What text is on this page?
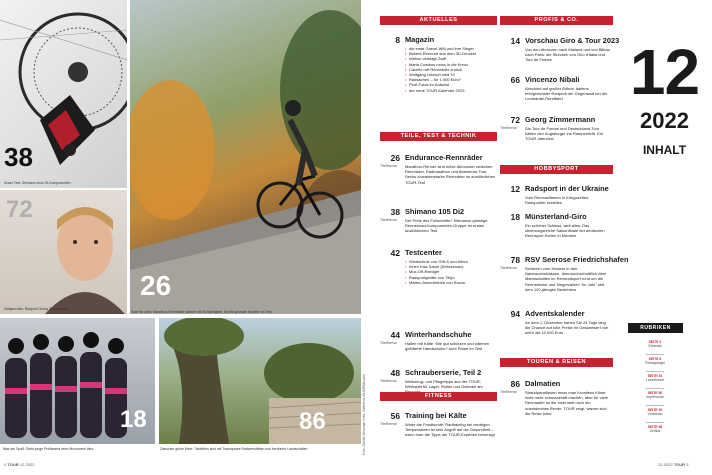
38
Unser Test: Shimano neue DI-Komponenten
72
Zeitgeschick: Radprofi Georg Zimmermann
26
Gute für alles: Marathon-Rennräder passen mit Schwerigkeit. Sechs gesetzte Modelle im Test
18
Was ein Spaß: Siebt junge Profiteams beim Monument Vars
86
Zwischen grüne Meer: Tableilten sind mit Traumpaare Radwertstätten und berühmte Landschaften	Foto: Daniel Sinkoma; links: Valentina Weiß/EMLoans
4 TOUR 12-2022
AKTUELLES
8 Magazin
• die erste Gravel-WM und ihre Sieger
• Bekent-Rennrad aus dem 3D-Drucker
• Wahoo verklagt Zwift
• Maria Cuadros muss in die Kreuz
• Cavello ruft Rennräder zurück
• Wolfgang Lützsch wird 70
• Radsachen – für 1.000 Euro?
• Profi-Fotos im Aufwind
• der neue TOUR-Kalender 2023
TEILE, TEST & TECHNIK
26
Titelthema
Endurance-Rennräder
Marathon-Renner sind echte Allrounder zwischen Rennräder, Radmarathon und Abenteuer-Tour. Sechs charakterstarke Rennräder im ausführlichen TOUR-Test
38
Titelthema
Shimano 105 Di2
Der Preis des Fortschritts? Shimanos günstige Renneinrad-Komponenten-Gruppe im ersten ausführlichen Test
42 Testcenter
• Windschutz von GIN.5 und Albea
• Innen Kiss Saum (Seitzschutz)
• Mux-Off-Reiniger
• Radsportgeräte von Titlyo
• Mettec-Ankerbetrieb von Ruzon
44
Titelthema
Winterhandschuhe
Hallen mit Kälte: Wie gut schützen und wärmen gefütterte Handschuhe? Acht Paare im Test
48
Titelthema
Schrauberserie, Teil 2
Werkzeug- und Pflegetipps aus der TOUR-Werkstatt für Lager, Rollen und Gelenke am
FITNESS
56
Titelthema
Training bei Kälte
Wider die Frostkunde: Radtraining bei niedrigen Temperaturen ist kein Angriff auf die Gesundheit – wenn man die Tipps der TOUR-Experten beherzigt
PROFIS & CO.
14 Vorschau Giro & Tour 2023
Von den Abruzzen nach Mailand und von Bilbao nach Paris: die Strecken von Giro d'Italia und Tour de France
66 Vincenzo Nibali
Abschied auf großer Bühne: Italiens erfolgreichster Radprofi der Gegenwart bei der Lombardei-Rundfahrt
72
Titelthema
Georg Zimmermann
Die Tour de France und Deutschland-Tour hätten den Augsburger ins Rampenlicht. Ein TOUR-Interview
HOBBYSPORT
12 Radsport in der Ukraine
Vom Rennradfahren in Kriegszeiten: Radsportler erzählen
18 Münsterland-Giro
Ein schöner Schluss, weit alles: Das stimmungsreiche Saisonfinale der deutschen Rennsport-Serien in Münster
78
Titelthema
RSV Seerose Friedrichshafen
Schienen vom Kindern in den Nachwuchsklassen, überdurchschnittlich viele Mannschaften im Rennradsport rund um die Rennstrecke und Siegerzahlen "im Jahr" seit dem 100-jährigen Bestehens
94 Adventskalender
Ab dem 1. Dezember haben Sie 24 Tage lang die Chance auf tolle Preise im Gesamtwert von mehr als 10.000 Euro
TOUREN & REISEN
86
Titelthema
Dalmatien
Strandparadiesen muss man Kroatiens Küste nicht mehr schmackhaft machen, aber für viele Rennradler ist die Insel-welt noch ein unentdecktes Revier. TOUR zeigt, warum sich die Reise lohnt
12
2022
INHALT
RUBRIKEN
SEITE 3
Editorial
SEITE 6
Rückspiegel
SEITE 34
Leserforum
SEITE 50
Impressum
SEITE 92
Vorschau
SEITE 96
Zeitlos
12-2022 TOUR 5
